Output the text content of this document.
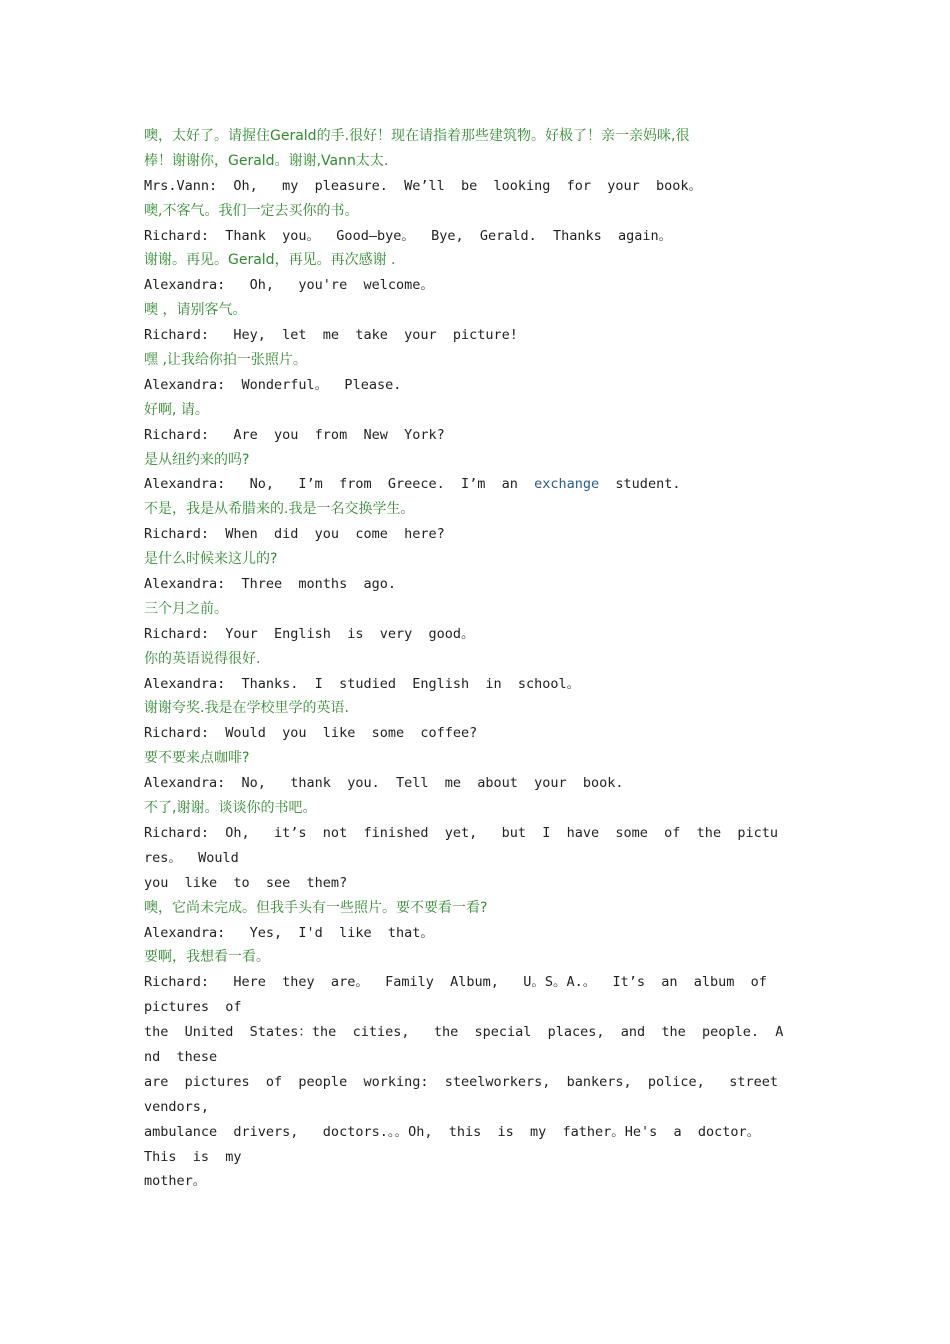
噢，太好了。请握住Gerald的手.很好！现在请指着那些建筑物。好极了！亲一亲妈咪,很
棒！谢谢你，Gerald。谢谢,Vann太太.
Mrs.Vann:  Oh,   my  pleasure.  We’ll  be  looking  for  your  book。
噢,不客气。我们一定去买你的书。
Richard:  Thank  you。  Good—bye。  Bye,  Gerald.  Thanks  again。
谢谢。再见。Gerald，再见。再次感谢 .
Alexandra:   Oh,   you're  welcome。
噢 ，请别客气。
Richard:   Hey,  let  me  take  your  picture!
嘿 ,让我给你拍一张照片。
Alexandra:  Wonderful。  Please.
好啊, 请。
Richard:   Are  you  from  New  York?
是从纽约来的吗?
Alexandra:   No,   I’m  from  Greece.  I’m  an  exchange  student.
不是，我是从希腊来的.我是一名交换学生。
Richard:  When  did  you  come  here?
是什么时候来这儿的?
Alexandra:  Three  months  ago.
三个月之前。
Richard:  Your  English  is  very  good。
你的英语说得很好.
Alexandra:  Thanks.  I  studied  English  in  school。
谢谢夸奖.我是在学校里学的英语.
Richard:  Would  you  like  some  coffee?
要不要来点咖啡?
Alexandra:  No,   thank  you.  Tell  me  about  your  book.
不了,谢谢。谈谈你的书吧。
Richard:  Oh,   it’s  not  finished  yet,   but  I  have  some  of  the  pictu
res。  Would
you  like  to  see  them?
噢，它尚未完成。但我手头有一些照片。要不要看一看?
Alexandra:   Yes,  I'd  like  that。
要啊，我想看一看。
Richard:   Here  they  are。  Family  Album,   U。S。A.。  It’s  an  album  of
pictures  of
the  United  States：the  cities,   the  special  places,  and  the  people.  A
nd  these
are  pictures  of  people  working:  steelworkers,  bankers,  police,   street
vendors,
ambulance  drivers,   doctors.。。Oh,  this  is  my  father。He's  a  doctor。
This  is  my
mother。
